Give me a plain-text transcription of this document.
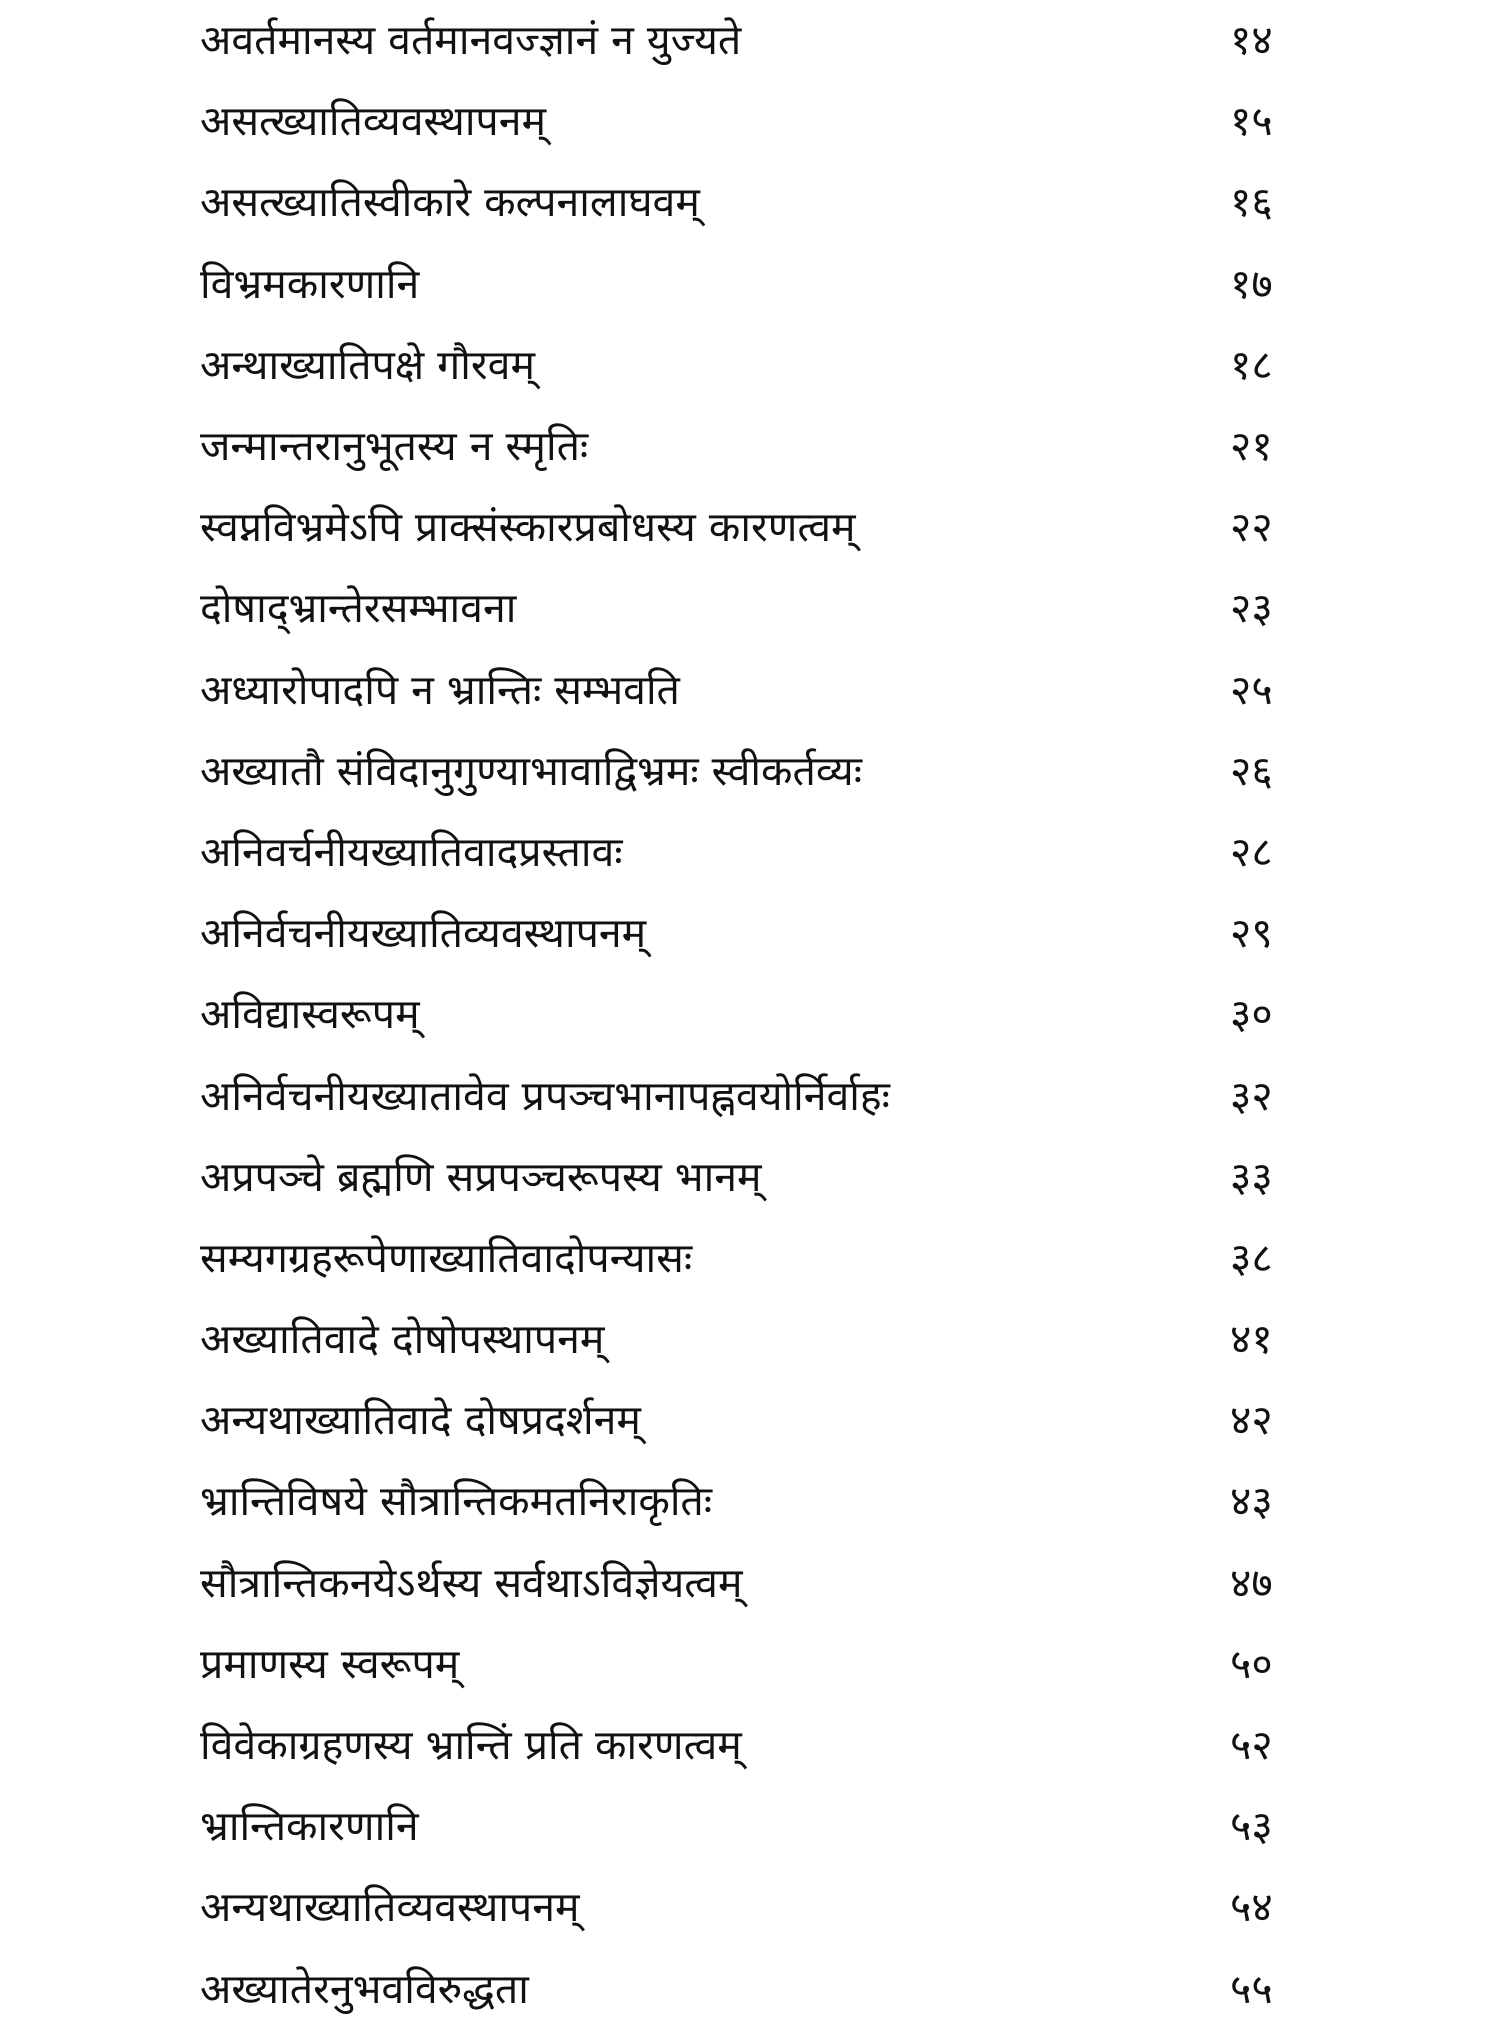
अवर्तमानस्य वर्तमानवज्ज्ञानं न युज्यते	१४
असत्ख्यातिव्यवस्थापनम्	१५
असत्ख्यातिस्वीकारे कल्पनालाघवम्	१६
विभ्रमकारणानि	१७
अन्थाख्यातिपक्षे गौरवम्	१८
जन्मान्तरानुभूतस्य न स्मृतिः	२१
स्वप्नविभ्रमेऽपि प्राक्संस्कारप्रबोधस्य कारणत्वम्	२२
दोषाद्भ्रान्तेरसम्भावना	२३
अध्यारोपादपि न भ्रान्तिः सम्भवति	२५
अख्यातौ संविदानुगुण्याभावाद्विभ्रमः स्वीकर्तव्यः	२६
अनिवर्चनीयख्यातिवादप्रस्तावः	२८
अनिर्वचनीयख्यातिव्यवस्थापनम्	२९
अविद्यास्वरूपम्	३०
अनिर्वचनीयख्यातावेव प्रपञ्चभानापह्नवयोर्निर्वाहः	३२
अप्रपञ्चे ब्रह्मणि सप्रपञ्चरूपस्य भानम्	३३
सम्यगग्रहरूपेणाख्यातिवादोपन्यासः	३८
अख्यातिवादे दोषोपस्थापनम्	४१
अन्यथाख्यातिवादे दोषप्रदर्शनम्	४२
भ्रान्तिविषये सौत्रान्तिकमतनिराकृतिः	४३
सौत्रान्तिकनयेऽर्थस्य सर्वथाऽविज्ञेयत्वम्	४७
प्रमाणस्य स्वरूपम्	५०
विवेकाग्रहणस्य भ्रान्तिं प्रति कारणत्वम्	५२
भ्रान्तिकारणानि	५३
अन्यथाख्यातिव्यवस्थापनम्	५४
अख्यातेरनुभवविरुद्धता	५५
